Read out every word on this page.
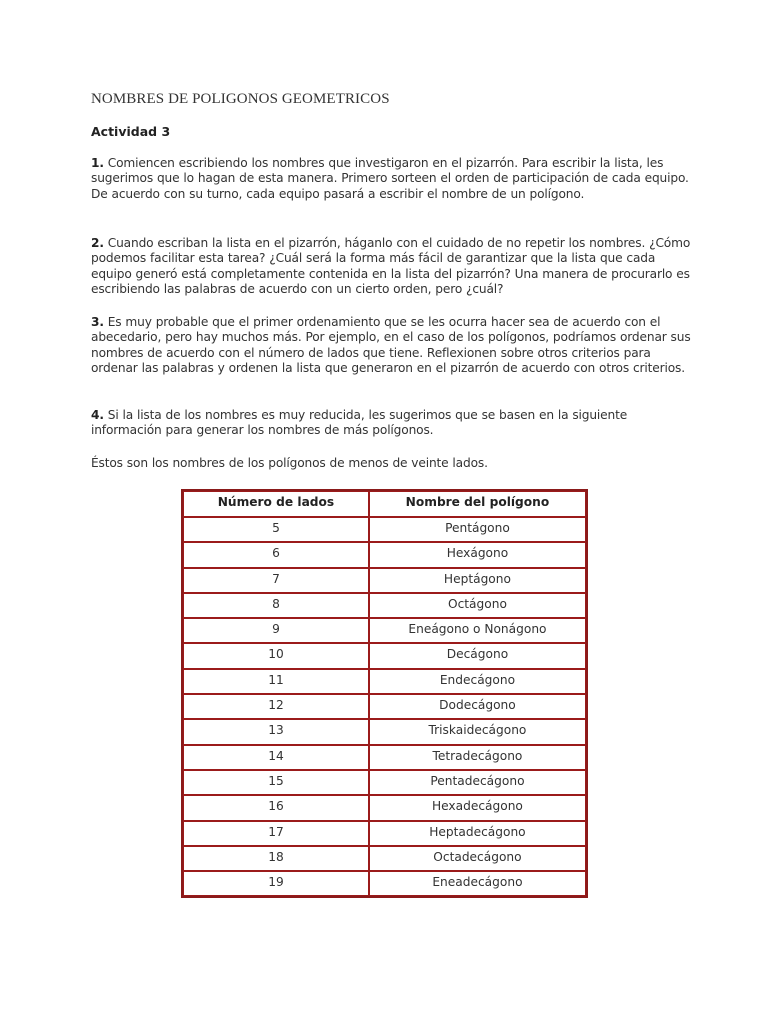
NOMBRES DE POLIGONOS GEOMETRICOS
Actividad 3

1. Comiencen escribiendo los nombres que investigaron en el pizarrón. Para escribir la lista, les sugerimos que lo hagan de esta manera. Primero sorteen el orden de participación de cada equipo. De acuerdo con su turno, cada equipo pasará a escribir el nombre de un polígono.

2. Cuando escriban la lista en el pizarrón, háganlo con el cuidado de no repetir los nombres. ¿Cómo podemos facilitar esta tarea? ¿Cuál será la forma más fácil de garantizar que la lista que cada equipo generó está completamente contenida en la lista del pizarrón? Una manera de procurarlo es escribiendo las palabras de acuerdo con un cierto orden, pero ¿cuál?

3. Es muy probable que el primer ordenamiento que se les ocurra hacer sea de acuerdo con el abecedario, pero hay muchos más. Por ejemplo, en el caso de los polígonos, podríamos ordenar sus nombres de acuerdo con el número de lados que tiene. Reflexionen sobre otros criterios para ordenar las palabras y ordenen la lista que generaron en el pizarrón de acuerdo con otros criterios.

4. Si la lista de los nombres es muy reducida, les sugerimos que se basen en la siguiente información para generar los nombres de más polígonos.

Éstos son los nombres de los polígonos de menos de veinte lados.

Número de lados	Nombre del polígono
5	Pentágono
6	Hexágono
7	Heptágono
8	Octágono
9	Eneágono o Nonágono
10	Decágono
11	Endecágono
12	Dodecágono
13	Triskaidecágono
14	Tetradecágono
15	Pentadecágono
16	Hexadecágono
17	Heptadecágono
18	Octadecágono
19	Eneadecágono
